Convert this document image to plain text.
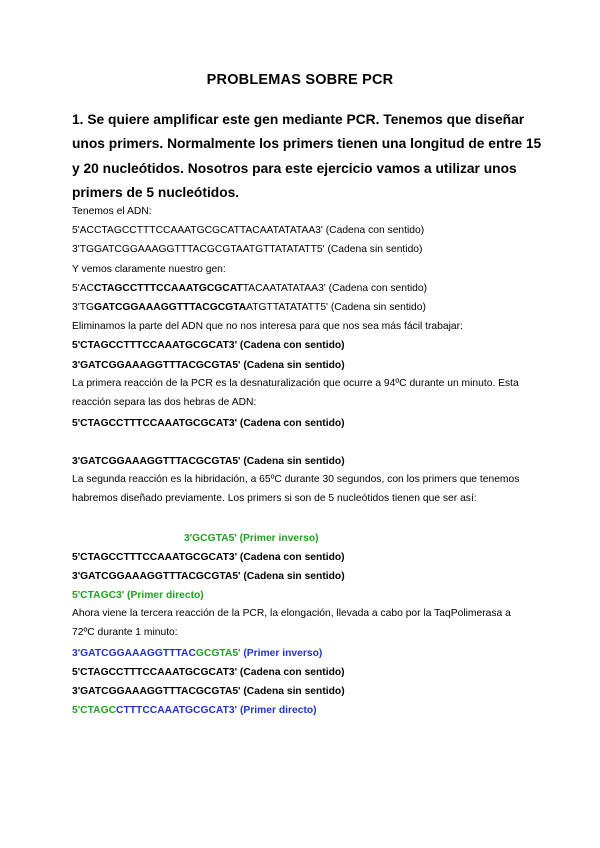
PROBLEMAS SOBRE PCR

1. Se quiere amplificar este gen mediante PCR. Tenemos que diseñar unos primers. Normalmente los primers tienen una longitud de entre 15 y 20 nucleótidos. Nosotros para este ejercicio vamos a utilizar unos primers de 5 nucleótidos.

Tenemos el ADN:
5'ACCTAGCCTTTCCAAATGCGCATTACAATATATAA3' (Cadena con sentido)
3'TGGATCGGAAAGGTTTACGCGTAATGTTATATATT5' (Cadena sin sentido)
Y vemos claramente nuestro gen:
5'ACCTAGCCTTTCCAAATGCGCATTACAATATATAA3' (Cadena con sentido)
3'TGGATCGGAAAGGTTTACGCGTAATGTTATATATT5' (Cadena sin sentido)
Eliminamos la parte del ADN que no nos interesa para que nos sea más fácil trabajar:
5'CTAGCCTTTCCAAATGCGCAT3' (Cadena con sentido)
3'GATCGGAAAGGTTTACGCGTA5' (Cadena sin sentido)

La primera reacción de la PCR es la desnaturalización que ocurre a 94ºC durante un minuto. Esta reacción separa las dos hebras de ADN:

5'CTAGCCTTTCCAAATGCGCAT3' (Cadena con sentido)
3'GATCGGAAAGGTTTACGCGTA5' (Cadena sin sentido)

La segunda reacción es la hibridación, a 65ºC durante 30 segundos, con los primers que tenemos habremos diseñado previamente. Los primers si son de 5 nucleótidos tienen que ser así:

3'GCGTA5' (Primer inverso)
5'CTAGCCTTTCCAAATGCGCAT3' (Cadena con sentido)
3'GATCGGAAAGGTTTACGCGTA5' (Cadena sin sentido)
5'CTAGC3' (Primer directo)

Ahora viene la tercera reacción de la PCR, la elongación, llevada a cabo por la TaqPolimerasa a 72ºC durante 1 minuto:

3'GATCGGAAAGGTTTACGCGTA5' (Primer inverso)
5'CTAGCCTTTCCAAATGCGCAT3' (Cadena con sentido)
3'GATCGGAAAGGTTTACGCGTA5' (Cadena sin sentido)
5'CTAGCCTTTCCAAATGCGCAT3' (Primer directo)
